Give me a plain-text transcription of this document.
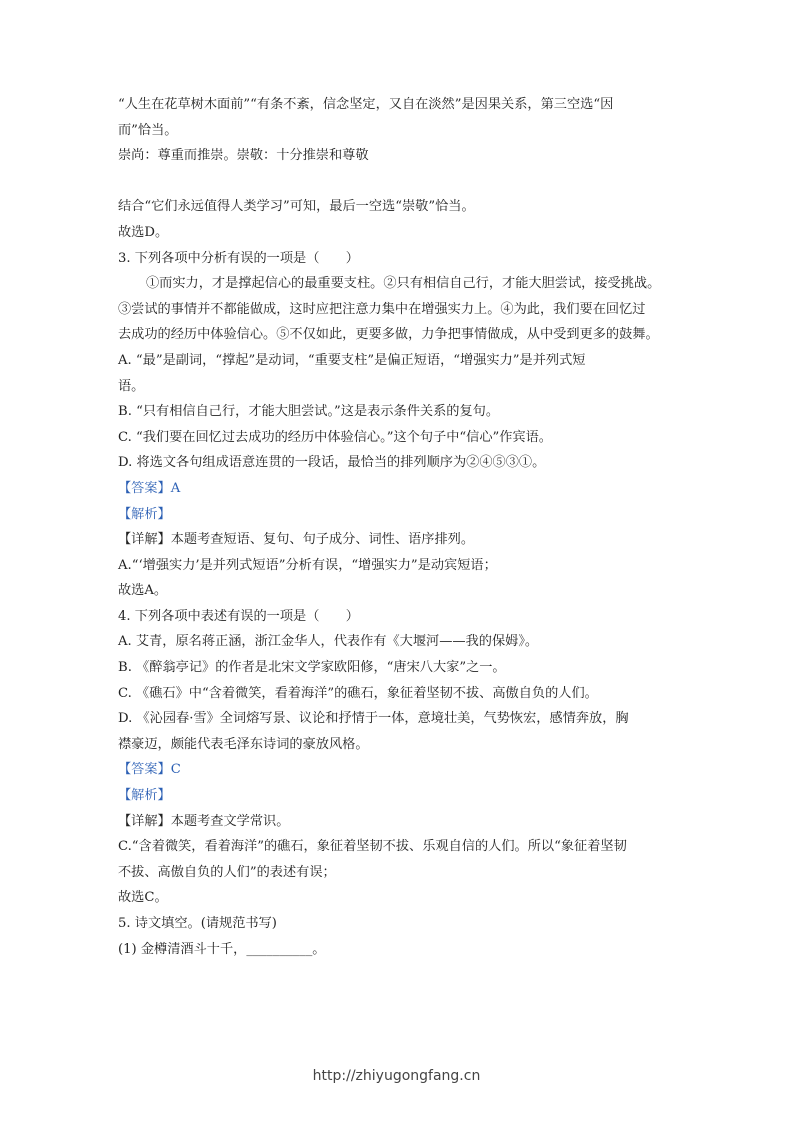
“人生在花草树木面前”“有条不紊，信念坚定，又自在淡然”是因果关系，第三空选“因

而”恰当。

崇尚：尊重而推崇。崇敬：十分推崇和尊敬

结合“它们永远值得人类学习”可知，最后一空选“崇敬”恰当。

故选D。

3. 下列各项中分析有误的一项是（　　）

①而实力，才是撑起信心的最重要支柱。②只有相信自己行，才能大胆尝试，接受挑战。

③尝试的事情并不都能做成，这时应把注意力集中在增强实力上。④为此，我们要在回忆过

去成功的经历中体验信心。⑤不仅如此，更要多做，力争把事情做成，从中受到更多的鼓舞。

A. “最”是副词，“撑起”是动词，“重要支柱”是偏正短语，“增强实力”是并列式短

语。

B. “只有相信自己行，才能大胆尝试。”这是表示条件关系的复句。

C. “我们要在回忆过去成功的经历中体验信心。”这个句子中“信心”作宾语。

D. 将选文各句组成语意连贯的一段话，最恰当的排列顺序为②④⑤③①。

【答案】A

【解析】

【详解】本题考查短语、复句、句子成分、词性、语序排列。

A.“‘增强实力’是并列式短语”分析有误，“增强实力”是动宾短语；

故选A。

4. 下列各项中表述有误的一项是（　　）

A. 艾青，原名蒋正涵，浙江金华人，代表作有《大堰河——我的保姆》。

B. 《醉翁亭记》的作者是北宋文学家欧阳修，“唐宋八大家”之一。

C. 《礁石》中“含着微笑，看着海洋”的礁石，象征着坚韧不拔、高傲自负的人们。

D. 《沁园春·雪》全词熔写景、议论和抒情于一体，意境壮美，气势恢宏，感情奔放，胸

襟豪迈，颇能代表毛泽东诗词的豪放风格。

【答案】C

【解析】

【详解】本题考查文学常识。

C.“含着微笑，看着海洋”的礁石，象征着坚韧不拔、乐观自信的人们。所以“象征着坚韧

不拔、高傲自负的人们”的表述有误；

故选C。

5. 诗文填空。(请规范书写)

(1) 金樽清酒斗十千，__________。

http://zhiyugongfang.cn
